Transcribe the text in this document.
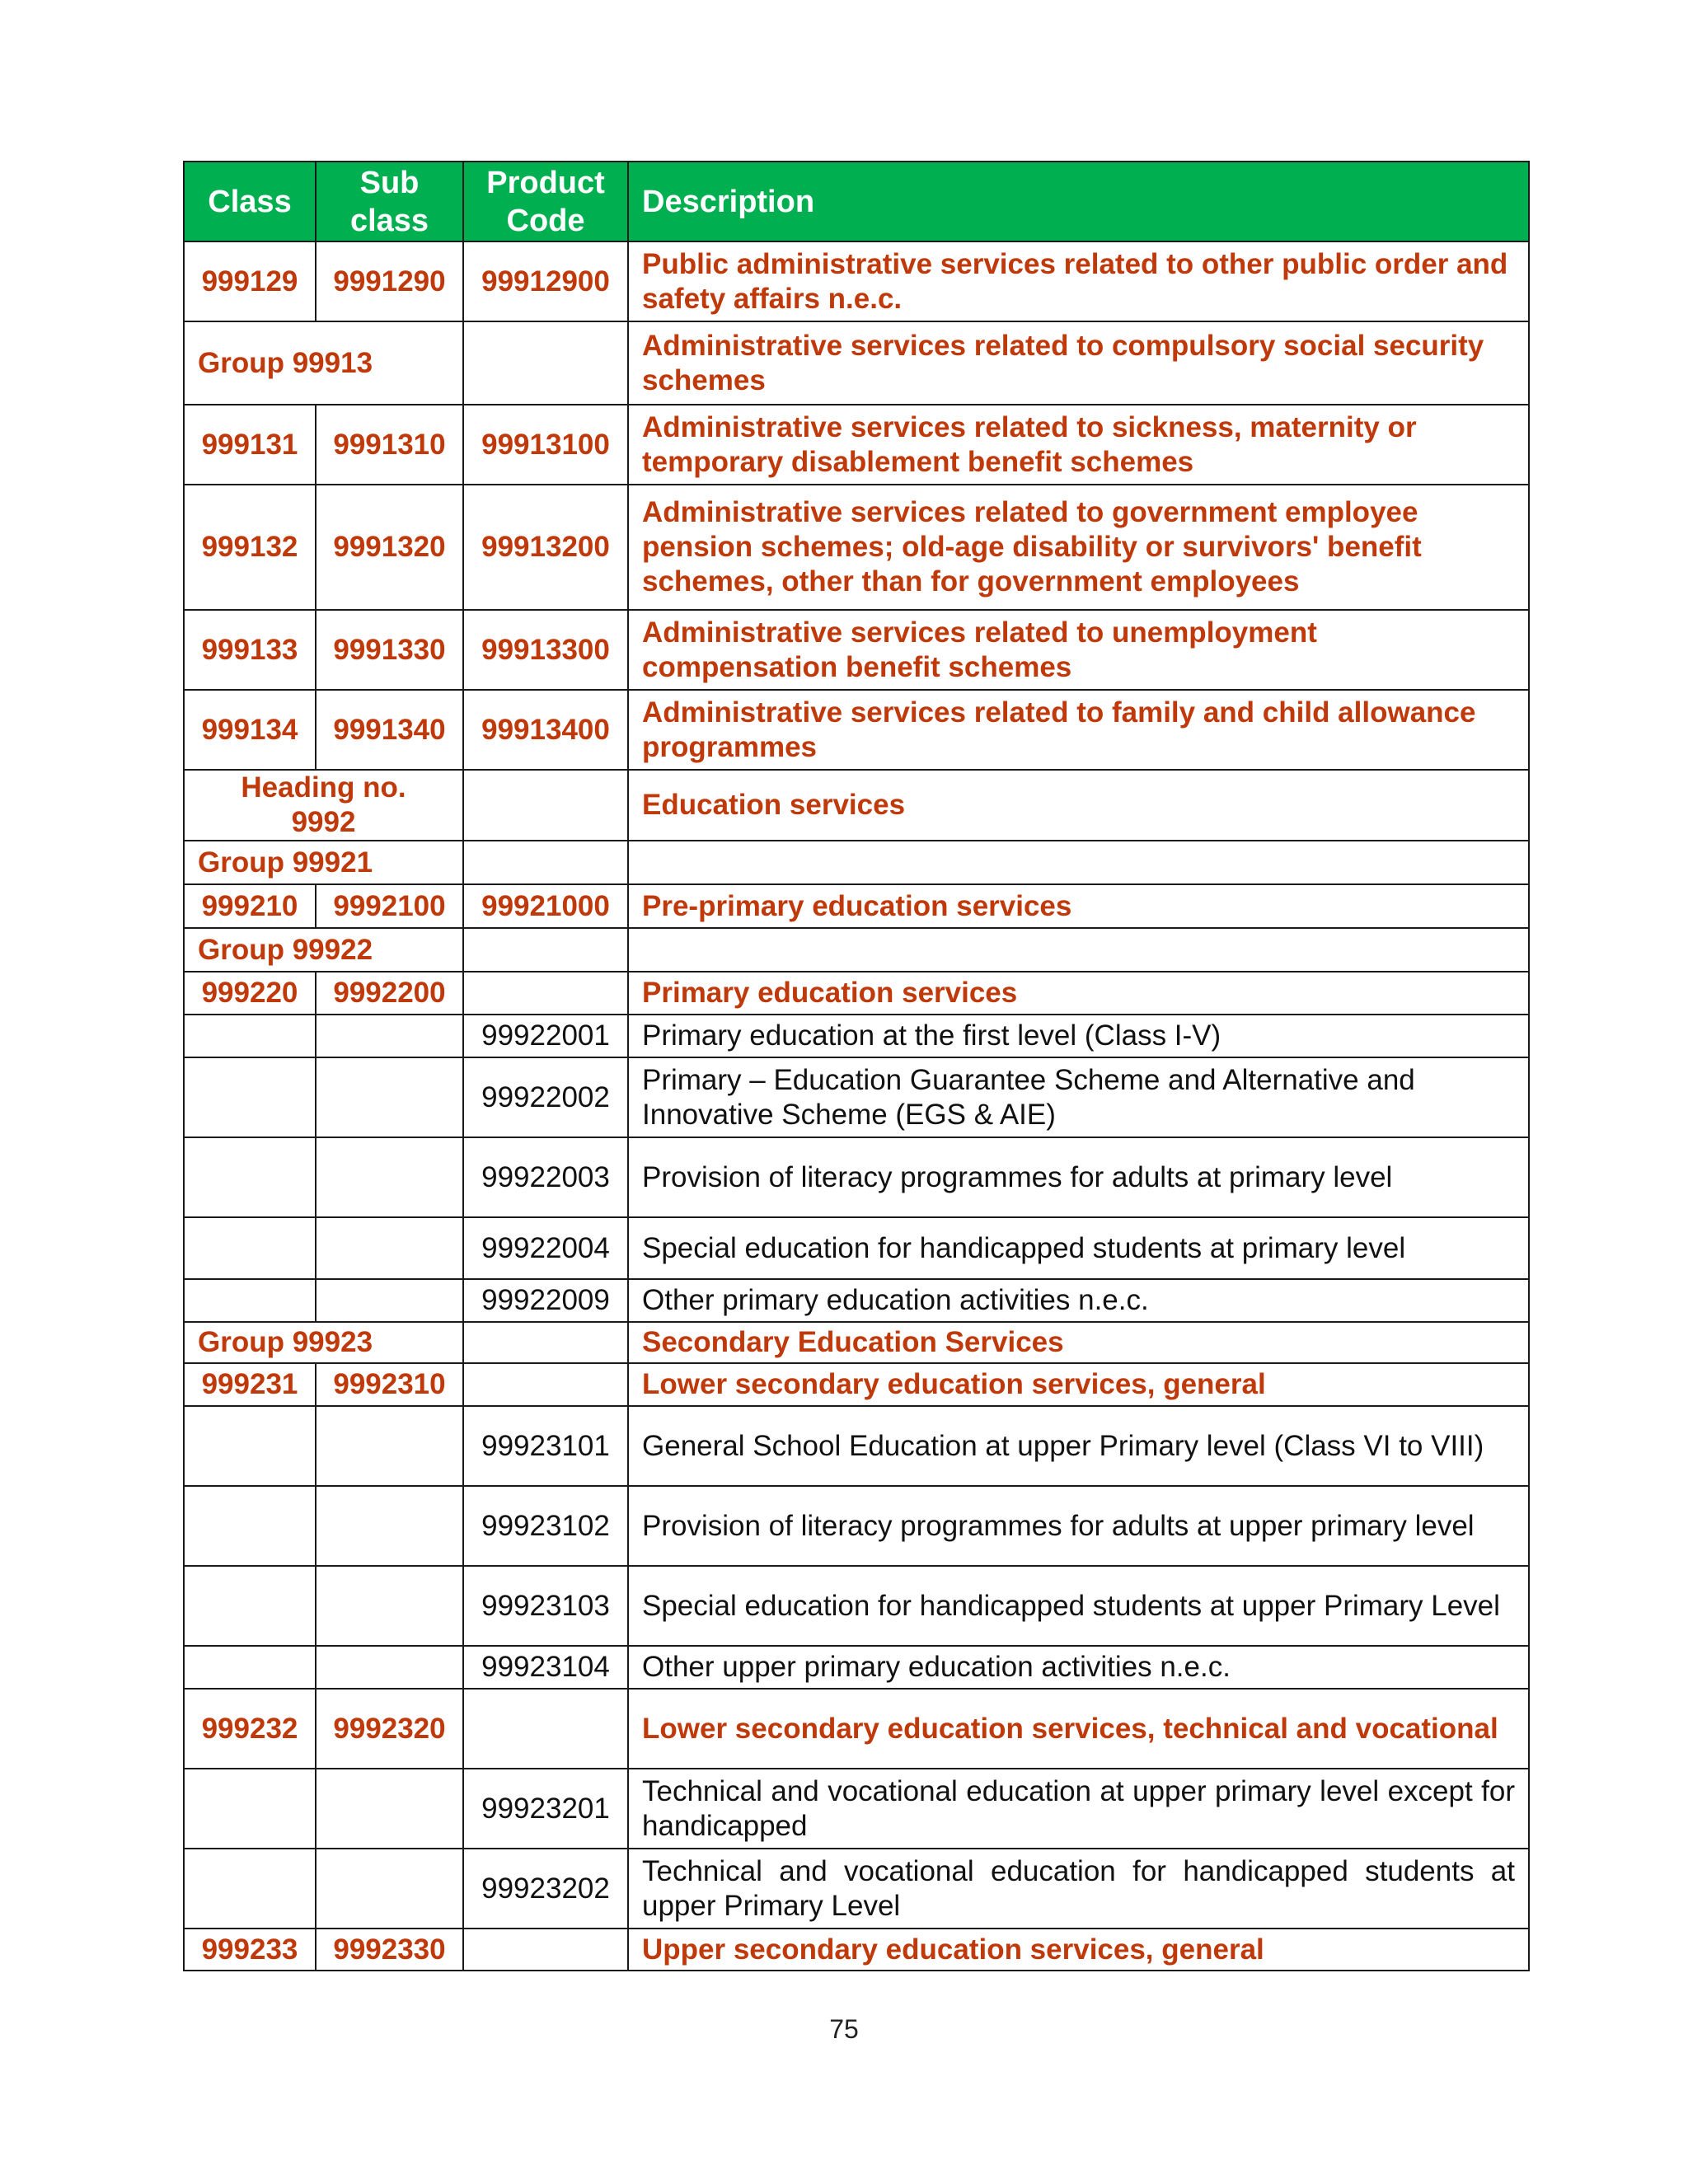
Class	Sub class	Product Code	Description
999129	9991290	99912900	Public administrative services related to other public order and safety affairs n.e.c.
Group 99913			Administrative services related to compulsory social security schemes
999131	9991310	99913100	Administrative services related to sickness, maternity or temporary disablement benefit schemes
999132	9991320	99913200	Administrative services related to government employee pension schemes; old-age disability or survivors' benefit schemes, other than for government employees
999133	9991330	99913300	Administrative services related to unemployment compensation benefit schemes
999134	9991340	99913400	Administrative services related to family and child allowance programmes
Heading no. 9992			Education services
Group 99921			
999210	9992100	99921000	Pre-primary education services
Group 99922			
999220	9992200		Primary education services
		99922001	Primary education at the first level (Class I-V)
		99922002	Primary – Education Guarantee Scheme and Alternative and Innovative Scheme (EGS & AIE)
		99922003	Provision of literacy programmes for adults at primary level
		99922004	Special education for handicapped students at primary level
		99922009	Other primary education activities n.e.c.
Group 99923			Secondary Education Services
999231	9992310		Lower secondary education services, general
		99923101	General School Education at upper Primary level (Class VI to VIII)
		99923102	Provision of literacy programmes for adults at upper primary level
		99923103	Special education for handicapped students at upper Primary Level
		99923104	Other upper primary education activities n.e.c.
999232	9992320		Lower secondary education services, technical and vocational
		99923201	Technical and vocational education at upper primary level except for handicapped
		99923202	Technical and vocational education for handicapped students at upper Primary Level
999233	9992330		Upper secondary education services, general
75
